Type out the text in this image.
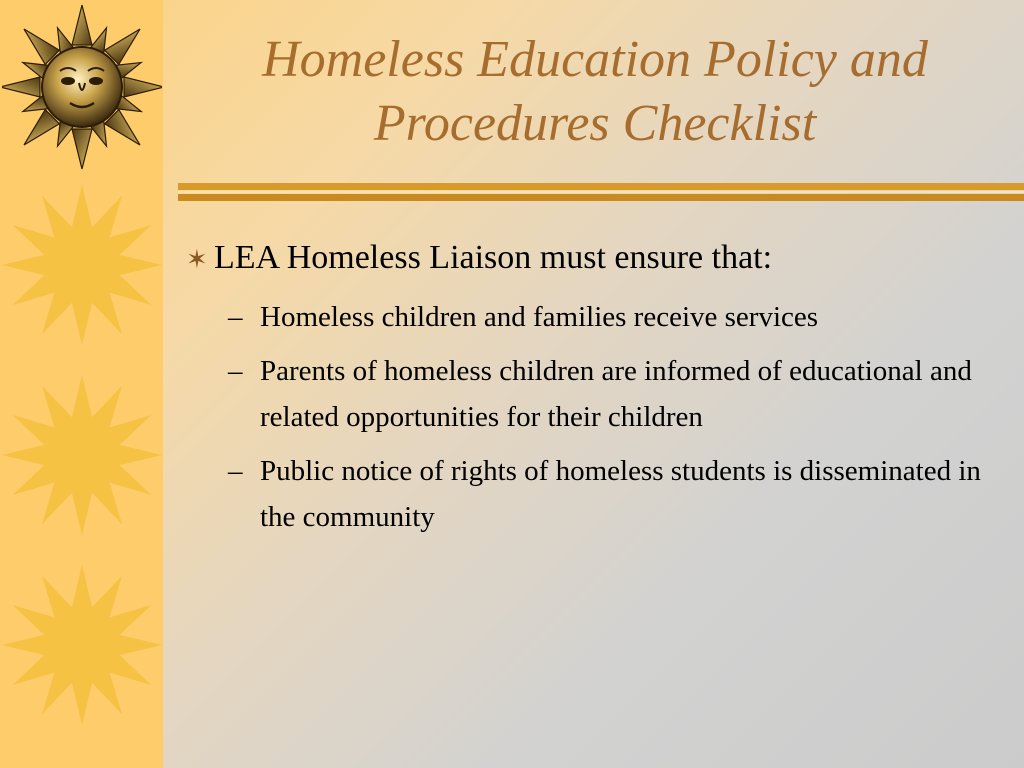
Homeless Education Policy and
Procedures Checklist
✶ LEA Homeless Liaison must ensure that:
– Homeless children and families receive services
– Parents of homeless children are informed of educational and related opportunities for their children
– Public notice of rights of homeless students is disseminated in the community
